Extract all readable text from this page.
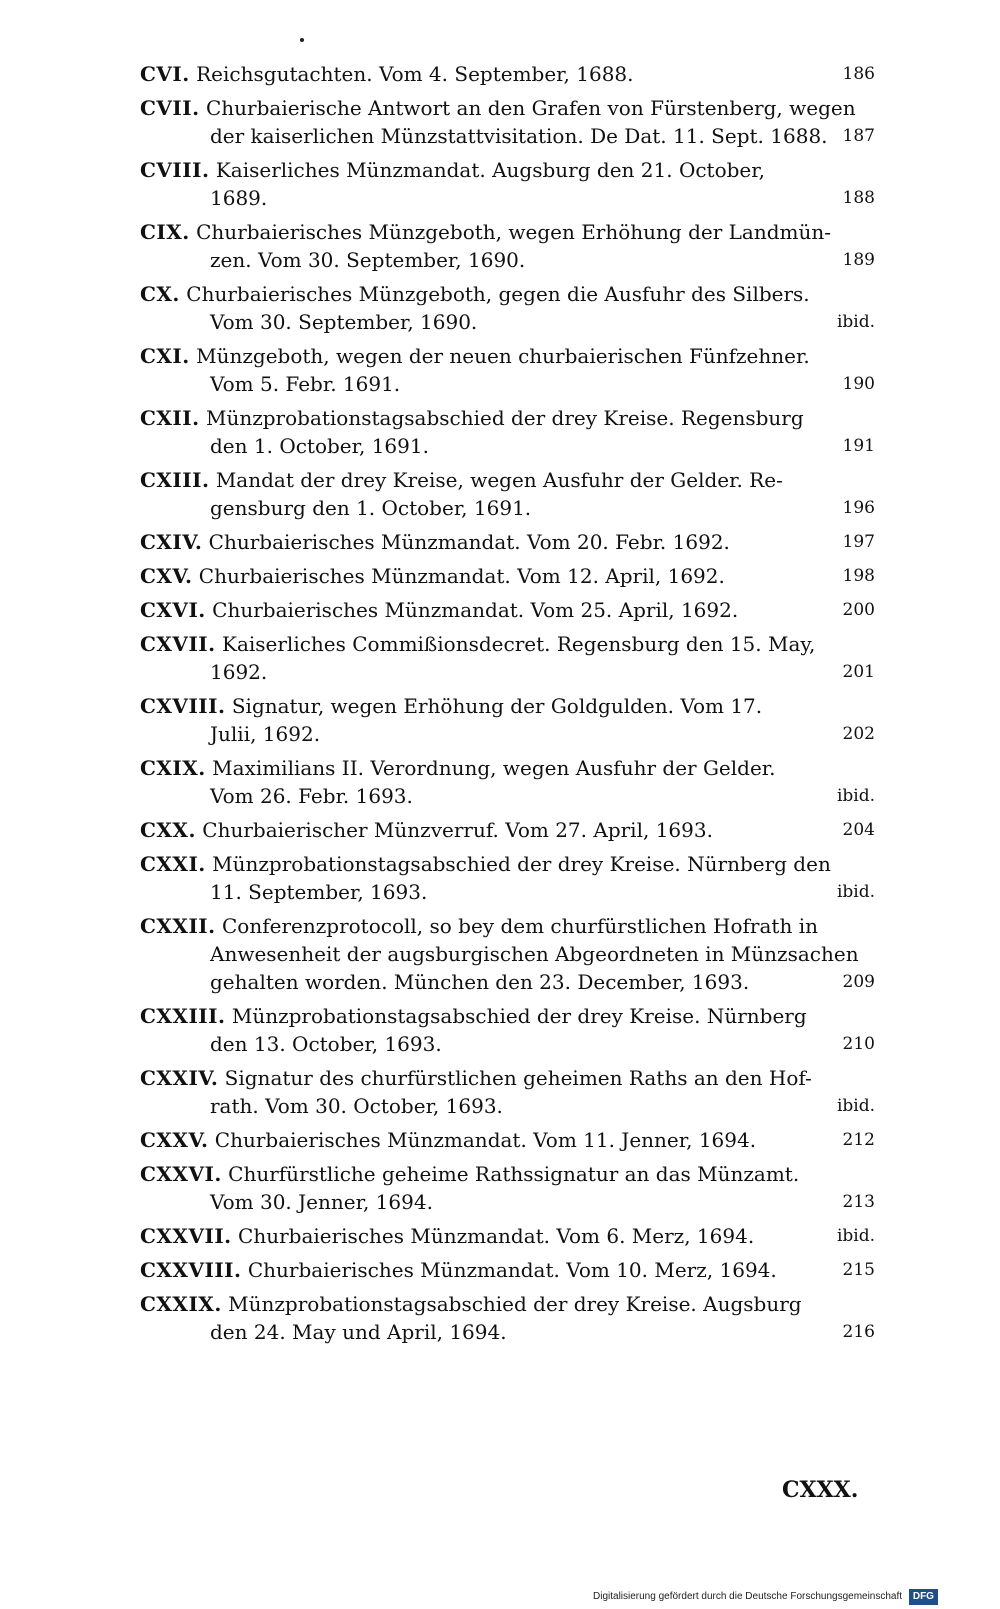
CVI. Reichsgutachten. Vom 4. September, 1688.	186
CVII. Churbaierische Antwort an den Grafen von Fürstenberg, wegen
der kaiserlichen Münzstattvisitation. De Dat. 11. Sept. 1688. 187
CVIII. Kaiserliches Münzmandat. Augsburg den 21. October,
1689.	188
CIX. Churbaierisches Münzgeboth, wegen Erhöhung der Landmün-
zen. Vom 30. September, 1690.	189
CX. Churbaierisches Münzgeboth, gegen die Ausfuhr des Silbers.
Vom 30. September, 1690.	ibid.
CXI. Münzgeboth, wegen der neuen churbaierischen Fünfzehner.
Vom 5. Febr. 1691.	190
CXII. Münzprobationstagsabschied der drey Kreise. Regensburg
den 1. October, 1691.	191
CXIII. Mandat der drey Kreise, wegen Ausfuhr der Gelder. Re-
gensburg den 1. October, 1691.	196
CXIV. Churbaierisches Münzmandat. Vom 20. Febr. 1692.	197
CXV. Churbaierisches Münzmandat. Vom 12. April, 1692.	198
CXVI. Churbaierisches Münzmandat. Vom 25. April, 1692.	200
CXVII. Kaiserliches Commißionsdecret. Regensburg den 15. May,
1692.	201
CXVIII. Signatur, wegen Erhöhung der Goldgulden. Vom 17.
Julii, 1692.	202
CXIX. Maximilians II. Verordnung, wegen Ausfuhr der Gelder.
Vom 26. Febr. 1693.	ibid.
CXX. Churbaierischer Münzverruf. Vom 27. April, 1693.	204
CXXI. Münzprobationstagsabschied der drey Kreise. Nürnberg den
11. September, 1693.	ibid.
CXXII. Conferenzprotocoll, so bey dem churfürstlichen Hofrath in
Anwesenheit der augsburgischen Abgeordneten in Münzsachen
gehalten worden. München den 23. December, 1693.	209
CXXIII. Münzprobationstagsabschied der drey Kreise. Nürnberg
den 13. October, 1693.	210
CXXIV. Signatur des churfürstlichen geheimen Raths an den Hof-
rath. Vom 30. October, 1693.	ibid.
CXXV. Churbaierisches Münzmandat. Vom 11. Jenner, 1694.	212
CXXVI. Churfürstliche geheime Rathssignatur an das Münzamt.
Vom 30. Jenner, 1694.	213
CXXVII. Churbaierisches Münzmandat. Vom 6. Merz, 1694.	ibid.
CXXVIII. Churbaierisches Münzmandat. Vom 10. Merz, 1694.	215
CXXIX. Münzprobationstagsabschied der drey Kreise. Augsburg
den 24. May und April, 1694.	216
CXXX.
Digitalisierung gefördert durch die Deutsche Forschungsgemeinschaft DFG
